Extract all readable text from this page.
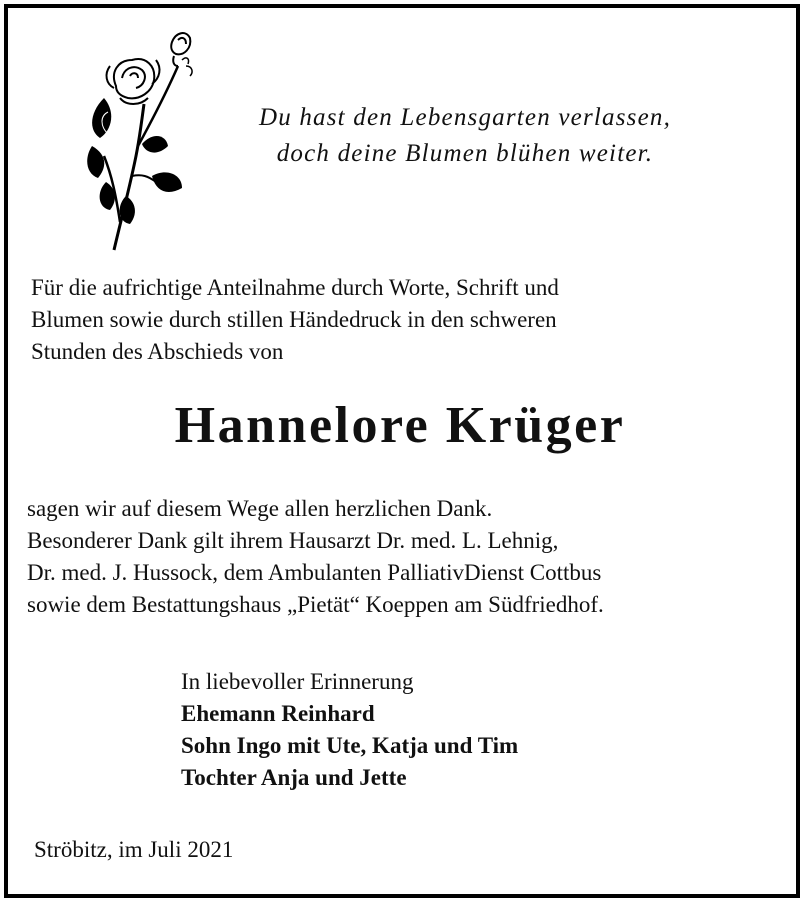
Du hast den Lebensgarten verlassen,
doch deine Blumen blühen weiter.
Für die aufrichtige Anteilnahme durch Worte, Schrift und
Blumen sowie durch stillen Händedruck in den schweren
Stunden des Abschieds von
Hannelore Krüger
sagen wir auf diesem Wege allen herzlichen Dank.
Besonderer Dank gilt ihrem Hausarzt Dr. med. L. Lehnig,
Dr. med. J. Hussock, dem Ambulanten PalliativDienst Cottbus
sowie dem Bestattungshaus „Pietät“ Koeppen am Südfriedhof.
In liebevoller Erinnerung
Ehemann Reinhard
Sohn Ingo mit Ute, Katja und Tim
Tochter Anja und Jette
Ströbitz, im Juli 2021
